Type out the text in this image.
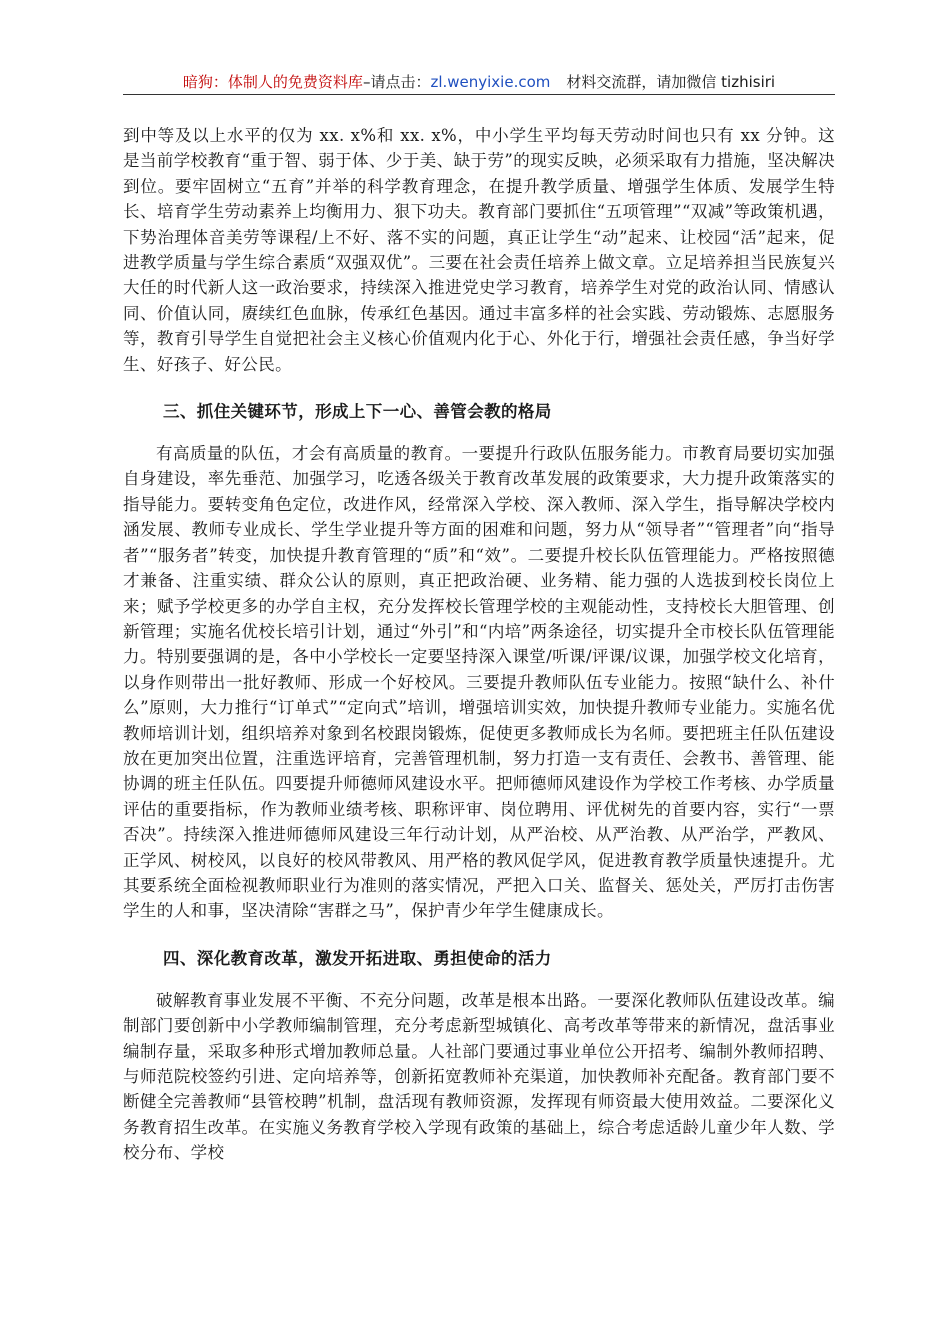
暗狗：体制人的免费资料库–请点击：zl.wenyixie.com 材料交流群，请加微信 tizhisiri

到中等及以上水平的仅为 xx. x%和 xx. x%，中小学生平均每天劳动时间也只有 xx 分钟。这是当前学校教育“重于智、弱于体、少于美、缺于劳”的现实反映，必须采取有力措施，坚决解决到位。要牢固树立“五育”并举的科学教育理念，在提升教学质量、增强学生体质、发展学生特长、培育学生劳动素养上均衡用力、狠下功夫。教育部门要抓住“五项管理”“双减”等政策机遇，下势治理体音美劳等课程/上不好、落不实的问题，真正让学生“动”起来、让校园“活”起来，促进教学质量与学生综合素质“双强双优”。三要在社会责任培养上做文章。立足培养担当民族复兴大任的时代新人这一政治要求，持续深入推进党史学习教育，培养学生对党的政治认同、情感认同、价值认同，赓续红色血脉，传承红色基因。通过丰富多样的社会实践、劳动锻炼、志愿服务等，教育引导学生自觉把社会主义核心价值观内化于心、外化于行，增强社会责任感，争当好学生、好孩子、好公民。

三、抓住关键环节，形成上下一心、善管会教的格局

有高质量的队伍，才会有高质量的教育。一要提升行政队伍服务能力。市教育局要切实加强自身建设，率先垂范、加强学习，吃透各级关于教育改革发展的政策要求，大力提升政策落实的指导能力。要转变角色定位，改进作风，经常深入学校、深入教师、深入学生，指导解决学校内涵发展、教师专业成长、学生学业提升等方面的困难和问题，努力从“领导者”“管理者”向“指导者”“服务者”转变，加快提升教育管理的“质”和“效”。二要提升校长队伍管理能力。严格按照德才兼备、注重实绩、群众公认的原则，真正把政治硬、业务精、能力强的人选拔到校长岗位上来；赋予学校更多的办学自主权，充分发挥校长管理学校的主观能动性，支持校长大胆管理、创新管理；实施名优校长培引计划，通过“外引”和“内培”两条途径，切实提升全市校长队伍管理能力。特别要强调的是，各中小学校长一定要坚持深入课堂/听课/评课/议课，加强学校文化培育，以身作则带出一批好教师、形成一个好校风。三要提升教师队伍专业能力。按照“缺什么、补什么”原则，大力推行“订单式”“定向式”培训，增强培训实效，加快提升教师专业能力。实施名优教师培训计划，组织培养对象到名校跟岗锻炼，促使更多教师成长为名师。要把班主任队伍建设放在更加突出位置，注重选评培育，完善管理机制，努力打造一支有责任、会教书、善管理、能协调的班主任队伍。四要提升师德师风建设水平。把师德师风建设作为学校工作考核、办学质量评估的重要指标，作为教师业绩考核、职称评审、岗位聘用、评优树先的首要内容，实行“一票否决”。持续深入推进师德师风建设三年行动计划，从严治校、从严治教、从严治学，严教风、正学风、树校风，以良好的校风带教风、用严格的教风促学风，促进教育教学质量快速提升。尤其要系统全面检视教师职业行为准则的落实情况，严把入口关、监督关、惩处关，严厉打击伤害学生的人和事，坚决清除“害群之马”，保护青少年学生健康成长。

四、深化教育改革，激发开拓进取、勇担使命的活力

破解教育事业发展不平衡、不充分问题，改革是根本出路。一要深化教师队伍建设改革。编制部门要创新中小学教师编制管理，充分考虑新型城镇化、高考改革等带来的新情况，盘活事业编制存量，采取多种形式增加教师总量。人社部门要通过事业单位公开招考、编制外教师招聘、与师范院校签约引进、定向培养等，创新拓宽教师补充渠道，加快教师补充配备。教育部门要不断健全完善教师“县管校聘”机制，盘活现有教师资源，发挥现有师资最大使用效益。二要深化义务教育招生改革。在实施义务教育学校入学现有政策的基础上，综合考虑适龄儿童少年人数、学校分布、学校
